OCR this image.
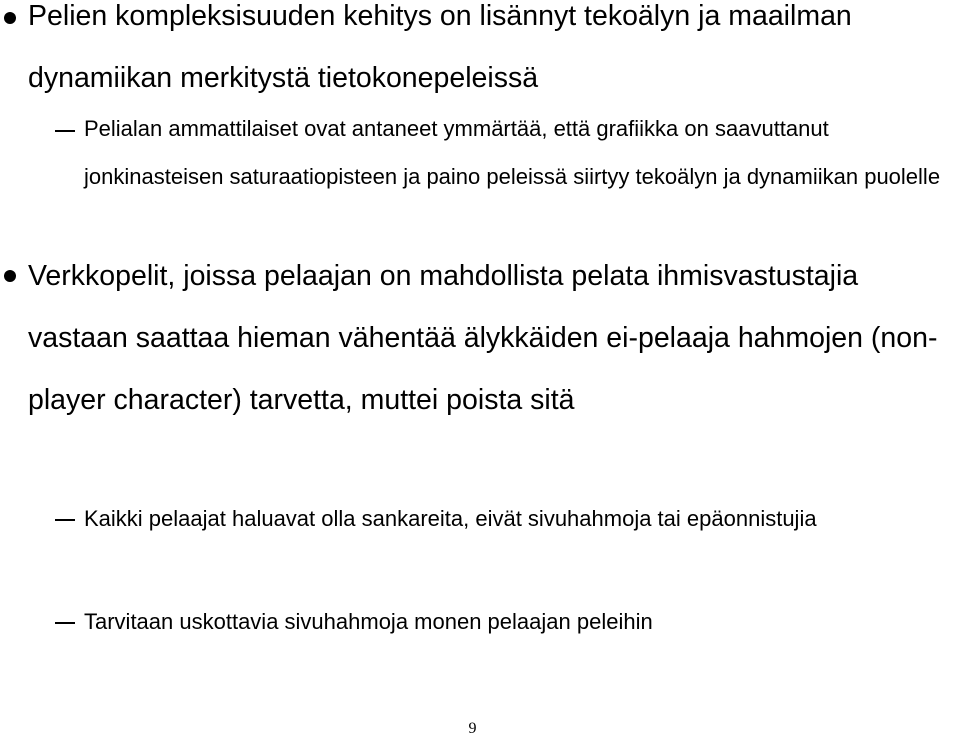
Pelien kompleksisuuden kehitys on lisännyt tekoälyn ja maailman dynamiikan merkitystä tietokonepeleissä
Pelialan ammattilaiset ovat antaneet ymmärtää, että grafiikka on saavuttanut jonkinasteisen saturaatiopisteen ja paino peleissä siirtyy tekoälyn ja dynamiikan puolelle
Verkkopelit, joissa pelaajan on mahdollista pelata ihmisvastustajia vastaan saattaa hieman vähentää älykkäiden ei-pelaaja hahmojen (non-player character) tarvetta, muttei poista sitä
Kaikki pelaajat haluavat olla sankareita, eivät sivuhahmoja tai epäonnistujia
Tarvitaan uskottavia sivuhahmoja monen pelaajan peleihin
9
